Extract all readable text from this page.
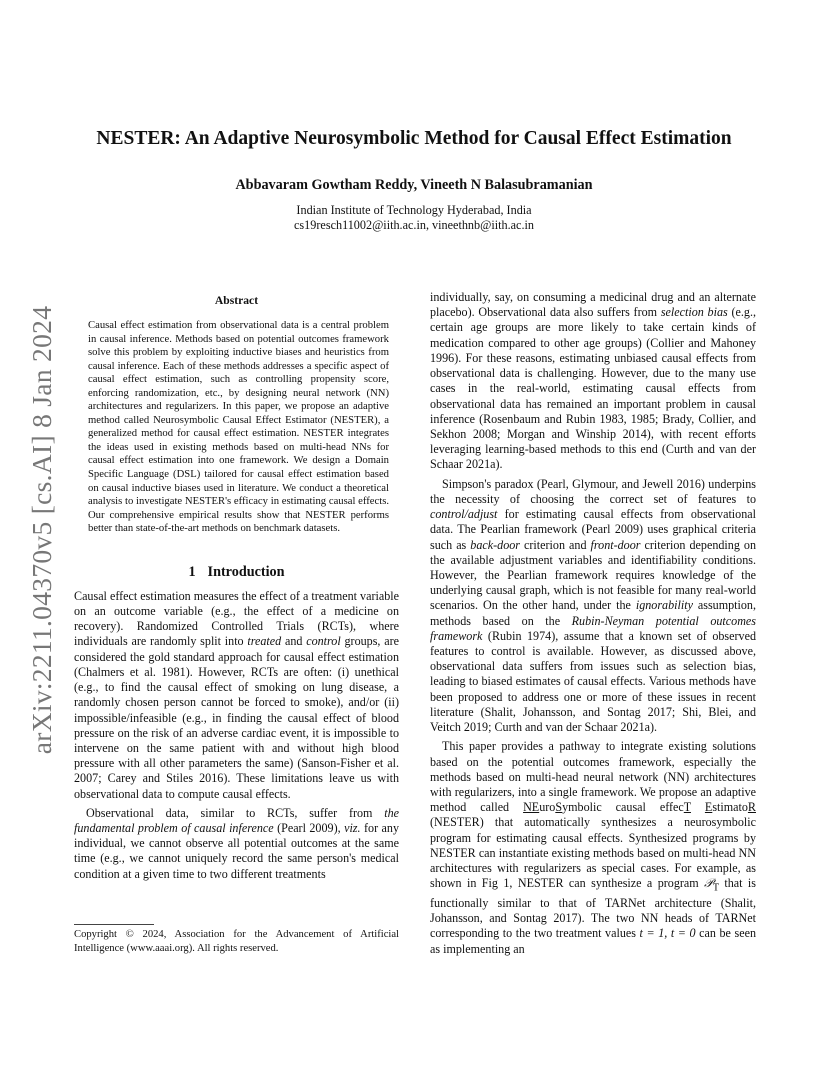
arXiv:2211.04370v5 [cs.AI] 8 Jan 2024
NESTER: An Adaptive Neurosymbolic Method for Causal Effect Estimation
Abbavaram Gowtham Reddy, Vineeth N Balasubramanian
Indian Institute of Technology Hyderabad, India
cs19resch11002@iith.ac.in, vineethnb@iith.ac.in
Abstract

Causal effect estimation from observational data is a central problem in causal inference. Methods based on potential outcomes framework solve this problem by exploiting inductive biases and heuristics from causal inference. Each of these methods addresses a specific aspect of causal effect estimation, such as controlling propensity score, enforcing randomization, etc., by designing neural network (NN) architectures and regularizers. In this paper, we propose an adaptive method called Neurosymbolic Causal Effect Estimator (NESTER), a generalized method for causal effect estimation. NESTER integrates the ideas used in existing methods based on multi-head NNs for causal effect estimation into one framework. We design a Domain Specific Language (DSL) tailored for causal effect estimation based on causal inductive biases used in literature. We conduct a theoretical analysis to investigate NESTER's efficacy in estimating causal effects. Our comprehensive empirical results show that NESTER performs better than state-of-the-art methods on benchmark datasets.

1 Introduction

Causal effect estimation measures the effect of a treatment variable on an outcome variable (e.g., the effect of a medicine on recovery). Randomized Controlled Trials (RCTs), where individuals are randomly split into treated and control groups, are considered the gold standard approach for causal effect estimation (Chalmers et al. 1981). However, RCTs are often: (i) unethical (e.g., to find the causal effect of smoking on lung disease, a randomly chosen person cannot be forced to smoke), and/or (ii) impossible/infeasible (e.g., in finding the causal effect of blood pressure on the risk of an adverse cardiac event, it is impossible to intervene on the same patient with and without high blood pressure with all other parameters the same) (Sanson-Fisher et al. 2007; Carey and Stiles 2016). These limitations leave us with observational data to compute causal effects.

Observational data, similar to RCTs, suffer from the fundamental problem of causal inference (Pearl 2009), viz. for any individual, we cannot observe all potential outcomes at the same time (e.g., we cannot uniquely record the same person's medical condition at a given time to two different treatments

Copyright © 2024, Association for the Advancement of Artificial Intelligence (www.aaai.org). All rights reserved.

individually, say, on consuming a medicinal drug and an alternate placebo). Observational data also suffers from selection bias (e.g., certain age groups are more likely to take certain kinds of medication compared to other age groups) (Collier and Mahoney 1996). For these reasons, estimating unbiased causal effects from observational data is challenging. However, due to the many use cases in the real-world, estimating causal effects from observational data has remained an important problem in causal inference (Rosenbaum and Rubin 1983, 1985; Brady, Collier, and Sekhon 2008; Morgan and Winship 2014), with recent efforts leveraging learning-based methods to this end (Curth and van der Schaar 2021a).

Simpson's paradox (Pearl, Glymour, and Jewell 2016) underpins the necessity of choosing the correct set of features to control/adjust for estimating causal effects from observational data. The Pearlian framework (Pearl 2009) uses graphical criteria such as back-door criterion and front-door criterion depending on the available adjustment variables and identifiability conditions. However, the Pearlian framework requires knowledge of the underlying causal graph, which is not feasible for many real-world scenarios. On the other hand, under the ignorability assumption, methods based on the Rubin-Neyman potential outcomes framework (Rubin 1974), assume that a known set of observed features to control is available. However, as discussed above, observational data suffers from issues such as selection bias, leading to biased estimates of causal effects. Various methods have been proposed to address one or more of these issues in recent literature (Shalit, Johansson, and Sontag 2017; Shi, Blei, and Veitch 2019; Curth and van der Schaar 2021a).

This paper provides a pathway to integrate existing solutions based on the potential outcomes framework, especially the methods based on multi-head neural network (NN) architectures with regularizers, into a single framework. We propose an adaptive method called NEuroSymbolic causal effecT EstimatoR (NESTER) that automatically synthesizes a neurosymbolic program for estimating causal effects. Synthesized programs by NESTER can instantiate existing methods based on multi-head NN architectures with regularizers as special cases. For example, as shown in Fig 1, NESTER can synthesize a program 𝒫$_T$ that is functionally similar to that of TARNet architecture (Shalit, Johansson, and Sontag 2017). The two NN heads of TARNet corresponding to the two treatment values t = 1, t = 0 can be seen as implementing an
